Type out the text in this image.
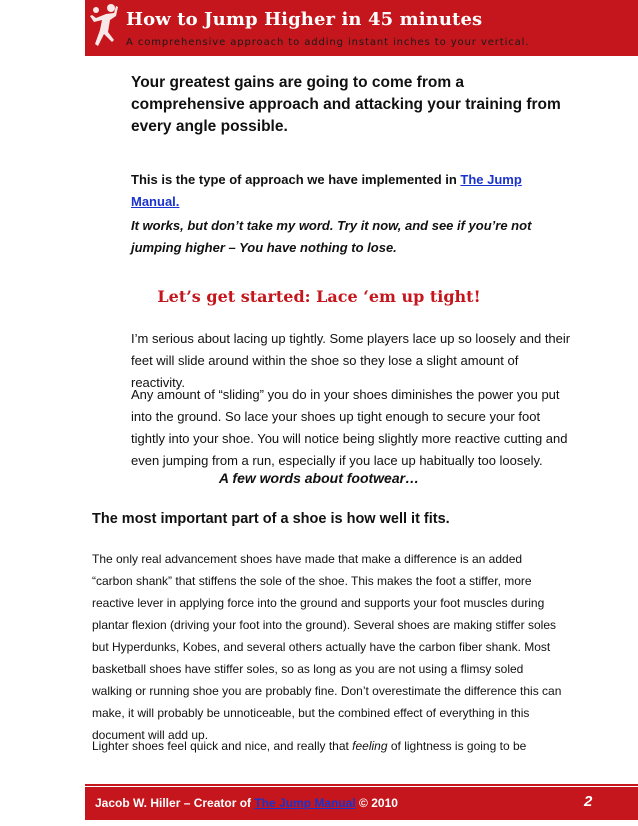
How to Jump Higher in 45 minutes
A comprehensive approach to adding instant inches to your vertical.

Your greatest gains are going to come from a comprehensive approach and attacking your training from every angle possible.

This is the type of approach we have implemented in The Jump Manual.

It works, but don’t take my word. Try it now, and see if you’re not jumping higher – You have nothing to lose.

Let’s get started: Lace ‘em up tight!

I’m serious about lacing up tightly. Some players lace up so loosely and their feet will slide around within the shoe so they lose a slight amount of reactivity.

Any amount of “sliding” you do in your shoes diminishes the power you put into the ground. So lace your shoes up tight enough to secure your foot tightly into your shoe. You will notice being slightly more reactive cutting and even jumping from a run, especially if you lace up habitually too loosely.

A few words about footwear…

The most important part of a shoe is how well it fits.

The only real advancement shoes have made that make a difference is an added “carbon shank” that stiffens the sole of the shoe. This makes the foot a stiffer, more reactive lever in applying force into the ground and supports your foot muscles during plantar flexion (driving your foot into the ground). Several shoes are making stiffer soles but Hyperdunks, Kobes, and several others actually have the carbon fiber shank. Most basketball shoes have stiffer soles, so as long as you are not using a flimsy soled walking or running shoe you are probably fine. Don’t overestimate the difference this can make, it will probably be unnoticeable, but the combined effect of everything in this document will add up.

Lighter shoes feel quick and nice, and really that feeling of lightness is going to be

Jacob W. Hiller – Creator of The Jump Manual © 2010	2
